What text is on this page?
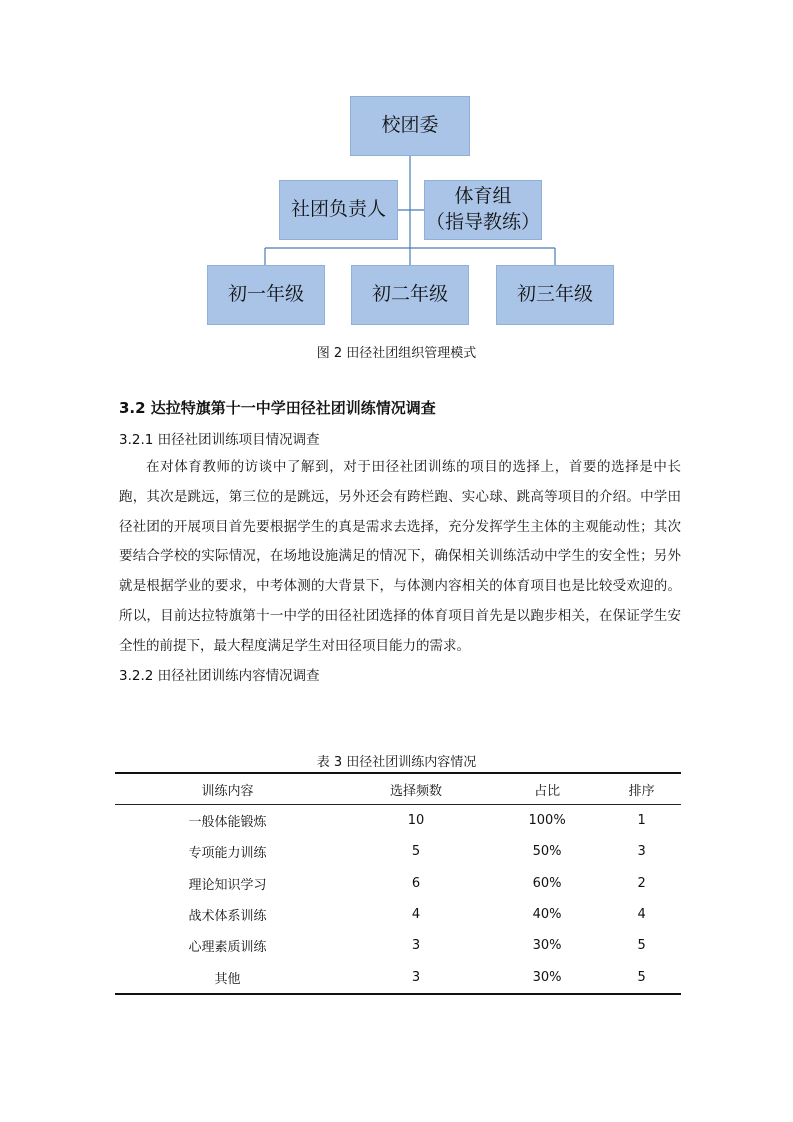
校团委
社团负责人
体育组
（指导教练）
初一年级	初二年级	初三年级
图 2 田径社团组织管理模式
3.2 达拉特旗第十一中学田径社团训练情况调查
3.2.1 田径社团训练项目情况调查

在对体育教师的访谈中了解到，对于田径社团训练的项目的选择上，首要的选择是中长跑，其次是跳远，第三位的是跳远，另外还会有跨栏跑、实心球、跳高等项目的介绍。中学田径社团的开展项目首先要根据学生的真是需求去选择，充分发挥学生主体的主观能动性；其次要结合学校的实际情况，在场地设施满足的情况下，确保相关训练活动中学生的安全性；另外就是根据学业的要求，中考体测的大背景下，与体测内容相关的体育项目也是比较受欢迎的。所以，目前达拉特旗第十一中学的田径社团选择的体育项目首先是以跑步相关，在保证学生安全性的前提下，最大程度满足学生对田径项目能力的需求。

3.2.2 田径社团训练内容情况调查
表 3 田径社团训练内容情况
训练内容	选择频数	占比	排序
一般体能锻炼	10	100%	1
专项能力训练	5	50%	3
理论知识学习	6	60%	2
战术体系训练	4	40%	4
心理素质训练	3	30%	5
其他	3	30%	5
